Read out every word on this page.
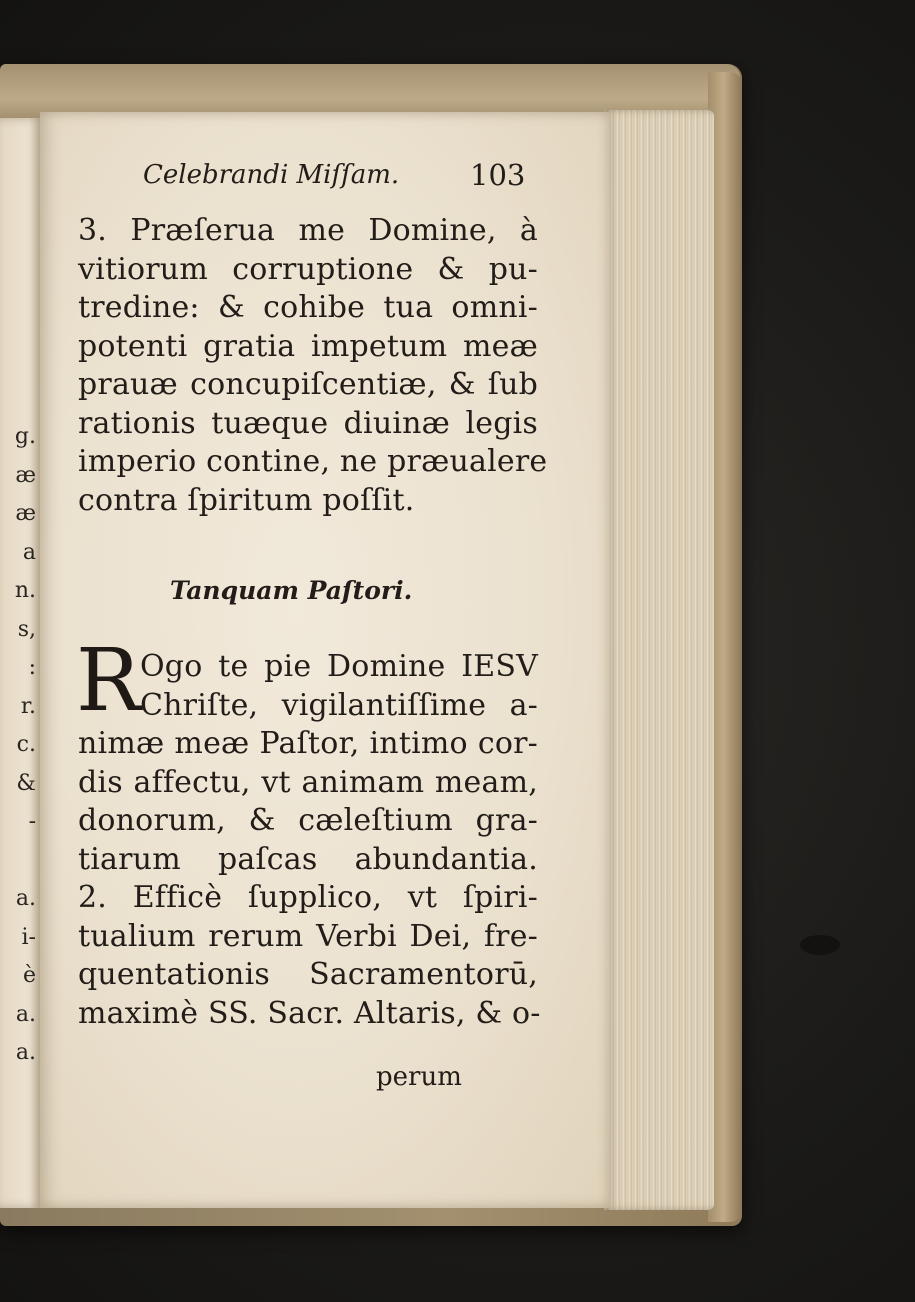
g.
æ
æ
a
n.
s,
:
r.
c.
&
-
a.
i-
è
a.
a.
Celebrandi Miſſam. 103
3. Præſerua me Domine, à
vitiorum corruptione & pu-
tredine: & cohibe tua omni-
potenti gratia impetum meæ
prauæ concupiſcentiæ, & ſub
rationis tuæque diuinæ legis
imperio contine, ne præualere
contra ſpiritum poſſit.
Tanquam Paſtori.
R Ogo te pie Domine IESV
Chriſte, vigilantiſſime a-
nimæ meæ Paſtor, intimo cor-
dis affectu, vt animam meam,
donorum, & cæleſtium gra-
tiarum paſcas abundantia.
2. Efficè ſupplico, vt ſpiri-
tualium rerum Verbi Dei, fre-
quentationis Sacramentorū,
maximè SS. Sacr. Altaris, & o-
perum
